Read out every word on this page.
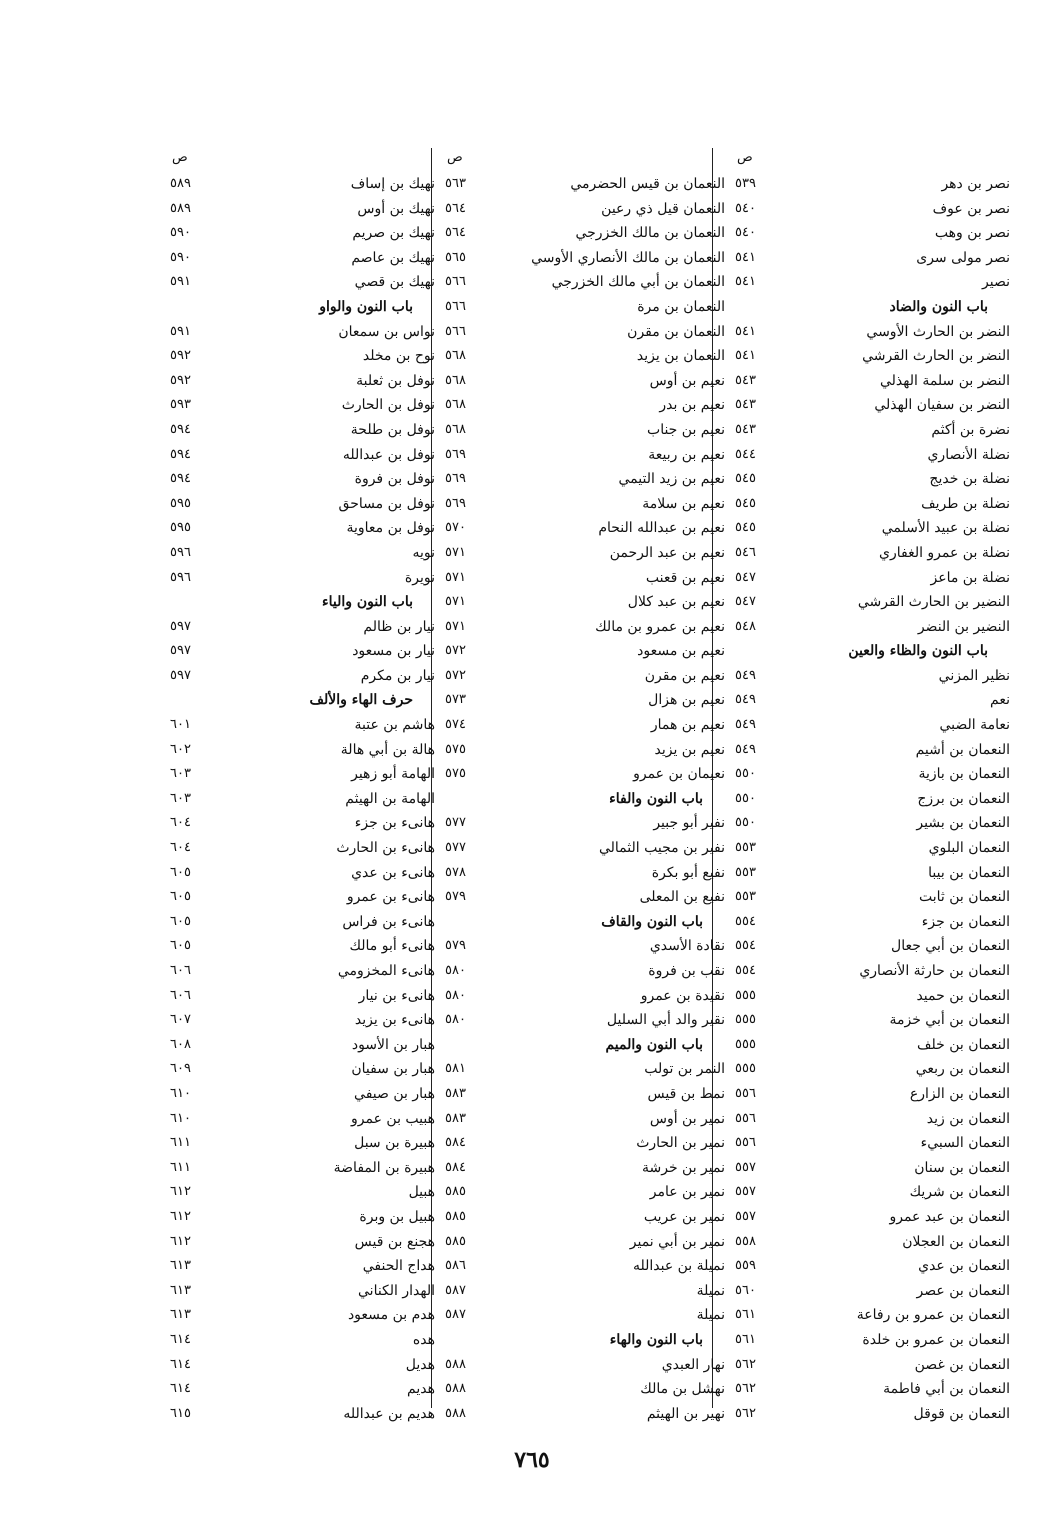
ص
نصر بن دهر
٥٣٩
نصر بن عوف
٥٤٠
نصر بن وهب
٥٤٠
نصر مولى سرى
٥٤١
نصير
٥٤١
باب النون والضاد
النضر بن الحارث الأوسي
٥٤١
النضر بن الحارث القرشي
٥٤١
النضر بن سلمة الهذلي
٥٤٣
النضر بن سفيان الهذلي
٥٤٣
نضرة بن أكثم
٥٤٣
نضلة الأنصاري
٥٤٤
نضلة بن خديج
٥٤٥
نضلة بن طريف
٥٤٥
نضلة بن عبيد الأسلمي
٥٤٥
نضلة بن عمرو الغفاري
٥٤٦
نضلة بن ماعز
٥٤٧
النضير بن الحارث القرشي
٥٤٧
النضير بن النضر
٥٤٨
باب النون والظاء والعين
نظير المزني
٥٤٩
نعم
٥٤٩
نعامة الضبي
٥٤٩
النعمان بن أشيم
٥٤٩
النعمان بن بازية
٥٥٠
النعمان بن برزج
٥٥٠
النعمان بن بشير
٥٥٠
النعمان البلوي
٥٥٣
النعمان بن بيبا
٥٥٣
النعمان بن ثابت
٥٥٣
النعمان بن جزء
٥٥٤
النعمان بن أبي جعال
٥٥٤
النعمان بن حارثة الأنصاري
٥٥٤
النعمان بن حميد
٥٥٥
النعمان بن أبي خزمة
٥٥٥
النعمان بن خلف
٥٥٥
النعمان بن ربعي
٥٥٥
النعمان بن الزارع
٥٥٦
النعمان بن زيد
٥٥٦
النعمان السبيء
٥٥٦
النعمان بن سنان
٥٥٧
النعمان بن شريك
٥٥٧
النعمان بن عبد عمرو
٥٥٧
النعمان بن العجلان
٥٥٨
النعمان بن عدي
٥٥٩
النعمان بن عصر
٥٦٠
النعمان بن عمرو بن رفاعة
٥٦١
النعمان بن عمرو بن خلدة
٥٦١
النعمان بن غصن
٥٦٢
النعمان بن أبي فاطمة
٥٦٢
النعمان بن قوقل
٥٦٢
ص
النعمان بن قيس الحضرمي
٥٦٣
النعمان قيل ذي رعين
٥٦٤
النعمان بن مالك الخزرجي
٥٦٤
النعمان بن مالك الأنصاري الأوسي
٥٦٥
النعمان بن أبي مالك الخزرجي
٥٦٦
النعمان بن مرة
٥٦٦
النعمان بن مقرن
٥٦٦
النعمان بن يزيد
٥٦٨
نعيم بن أوس
٥٦٨
نعيم بن بدر
٥٦٨
نعيم بن جناب
٥٦٨
نعيم بن ربيعة
٥٦٩
نعيم بن زيد التيمي
٥٦٩
نعيم بن سلامة
٥٦٩
نعيم بن عبدالله النحام
٥٧٠
نعيم بن عبد الرحمن
٥٧١
نعيم بن قعنب
٥٧١
نعيم بن عبد كلال
٥٧١
نعيم بن عمرو بن مالك
٥٧١
نعيم بن مسعود
٥٧٢
نعيم بن مقرن
٥٧٢
نعيم بن هزال
٥٧٣
نعيم بن همار
٥٧٤
نعيم بن يزيد
٥٧٥
نعيمان بن عمرو
٥٧٥
باب النون والفاء
نفير أبو جبير
٥٧٧
نفير بن مجيب الثمالي
٥٧٧
نفيع أبو بكرة
٥٧٨
نفيع بن المعلى
٥٧٩
باب النون والقاف
نقادة الأسدي
٥٧٩
نقب بن فروة
٥٨٠
نقيدة بن عمرو
٥٨٠
نقير والد أبي السليل
٥٨٠
باب النون والميم
النمر بن تولب
٥٨١
نمط بن قيس
٥٨٣
نمير بن أوس
٥٨٣
نمير بن الحارث
٥٨٤
نمير بن خرشة
٥٨٤
نمير بن عامر
٥٨٥
نمير بن عريب
٥٨٥
نمير بن أبي نمير
٥٨٥
نميلة بن عبدالله
٥٨٦
نميلة
٥٨٧
نميلة
٥٨٧
باب النون والهاء
نهار العبدي
٥٨٨
نهشل بن مالك
٥٨٨
نهير بن الهيثم
٥٨٨
ص
نهيك بن إساف
٥٨٩
نهيك بن أوس
٥٨٩
نهيك بن صريم
٥٩٠
نهيك بن عاصم
٥٩٠
نهيك بن قصي
٥٩١
باب النون والواو
نواس بن سمعان
٥٩١
نوح بن مخلد
٥٩٢
نوفل بن ثعلبة
٥٩٢
نوفل بن الحارث
٥٩٣
نوفل بن طلحة
٥٩٤
نوفل بن عبدالله
٥٩٤
نوفل بن فروة
٥٩٤
نوفل بن مساحق
٥٩٥
نوفل بن معاوية
٥٩٥
نويه
٥٩٦
نويرة
٥٩٦
باب النون والياء
نيار بن ظالم
٥٩٧
نيار بن مسعود
٥٩٧
نيار بن مكرم
٥٩٧
حرف الهاء والألف
هاشم بن عتبة
٦٠١
هالة بن أبي هالة
٦٠٢
الهامة أبو زهير
٦٠٣
الهامة بن الهيثم
٦٠٣
هانىء بن جزء
٦٠٤
هانىء بن الحارث
٦٠٤
هانىء بن عدي
٦٠٥
هانىء بن عمرو
٦٠٥
هانىء بن فراس
٦٠٥
هانىء أبو مالك
٦٠٥
هانىء المخزومي
٦٠٦
هانىء بن نيار
٦٠٦
هانىء بن يزيد
٦٠٧
هبار بن الأسود
٦٠٨
هبار بن سفيان
٦٠٩
هبار بن صيفي
٦١٠
هبيب بن عمرو
٦١٠
هبيرة بن سبل
٦١١
هبيرة بن المفاضة
٦١١
هبيل
٦١٢
هبيل بن وبرة
٦١٢
هجنع بن قيس
٦١٢
هداج الحنفي
٦١٣
الهدار الكناني
٦١٣
هدم بن مسعود
٦١٣
هده
٦١٤
هديل
٦١٤
هديم
٦١٤
هديم بن عبدالله
٦١٥
٧٦٥
